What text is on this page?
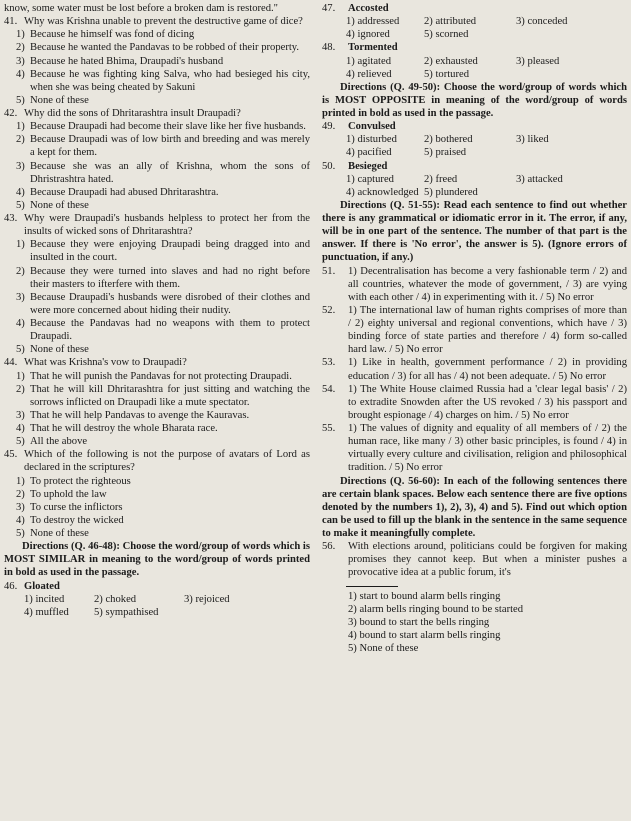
know, some water must be lost before a broken dam is restored."

41. Why was Krishna unable to prevent the destructive game of dice?
1) Because he himself was fond of dicing
2) Because he wanted the Pandavas to be robbed of their property.
3) Because he hated Bhima, Draupadi's husband
4) Because he was fighting king Salva, who had besieged his city, when she was being cheated by Sakuni
5) None of these
42. Why did the sons of Dhritarashtra insult Draupadi?
1) Because Draupadi had become their slave like her five husbands.
2) Because Draupadi was of low birth and breeding and was merely a kept for them.
3) Because she was an ally of Krishna, whom the sons of Dhristrashtra hated.
4) Because Draupadi had abused Dhritarashtra.
5) None of these
43. Why were Draupadi's husbands helpless to protect her from the insults of wicked sons of Dhritarashtra?
1) Because they were enjoying Draupadi being dragged into and insulted in the court.
2) Because they were turned into slaves and had no right before their masters to ifterfere with them.
3) Because Draupadi's husbands were disrobed of their clothes and were more concerned about hiding their nudity.
4) Because the Pandavas had no weapons with them to protect Draupadi.
5) None of these
44. What was Krishna's vow to Draupadi?
1) That he will punish the Pandavas for not protecting Draupadi.
2) That he will kill Dhritarashtra for just sitting and watching the sorrows inflicted on Draupadi like a mute spectator.
3) That he will help Pandavas to avenge the Kauravas.
4) That he will destroy the whole Bharata race.
5) All the above
45. Which of the following is not the purpose of avatars of Lord as declared in the scriptures?
1) To protect the righteous
2) To uphold the law
3) To curse the inflictors
4) To destroy the wicked
5) None of these

Directions (Q. 46-48): Choose the word/group of words which is MOST SIMILAR in meaning to the word/group of words printed in bold as used in the passage.

46. Gloated
1) incited	2) choked	3) rejoiced
4) muffled	5) sympathised
47.	Accosted
1) addressed	2) attributed	3) conceded
4) ignored	5) scorned
48.	Tormented
1) agitated	2) exhausted	3) pleased
4) relieved	5) tortured

Directions (Q. 49-50): Choose the word/group of words which is MOST OPPOSITE in meaning of the word/group of words printed in bold as used in the passage.

49.	Convulsed
1) disturbed	2) bothered	3) liked
4) pacified	5) praised
50.	Besieged
1) captured	2) freed	3) attacked
4) acknowledged 5) plundered

Directions (Q. 51-55): Read each sentence to find out whether there is any grammatical or idiomatic error in it. The error, if any, will be in one part of the sentence. The number of that part is the answer. If there is 'No error', the answer is 5). (Ignore errors of punctuation, if any.)

51.	1) Decentralisation has become a very fashionable term / 2) and all countries, whatever the mode of government, / 3) are vying with each other / 4) in experimenting with it. / 5) No error
52.	1) The international law of human rights comprises of more than / 2) eighty universal and regional conventions, which have / 3) binding force of state parties and therefore / 4) form so-called hard law. / 5) No error
53.	1) Like in health, government performance / 2) in providing education / 3) for all has / 4) not been adequate. / 5) No error
54.	1) The White House claimed Russia had a 'clear legal basis' / 2) to extradite Snowden after the US revoked / 3) his passport and brought espionage / 4) charges on him. / 5) No error
55.	1) The values of dignity and equality of all members of / 2) the human race, like many / 3) other basic principles, is found / 4) in virtually every culture and civilisation, religion and philosophical tradition. / 5) No error

Directions (Q. 56-60): In each of the following sentences there are certain blank spaces. Below each sentence there are five options denoted by the numbers 1), 2), 3), 4) and 5). Find out which option can be used to fill up the blank in the sentence in the same sequence to make it meaningfully complete.

56.	With elections around, politicians could be forgiven for making promises they cannot keep. But when a minister pushes a provocative idea at a public forum, it's

1) start to bound alarm bells ringing

2) alarm bells ringing bound to be started

3) bound to start the bells ringing

4) bound to start alarm bells ringing

5) None of these
